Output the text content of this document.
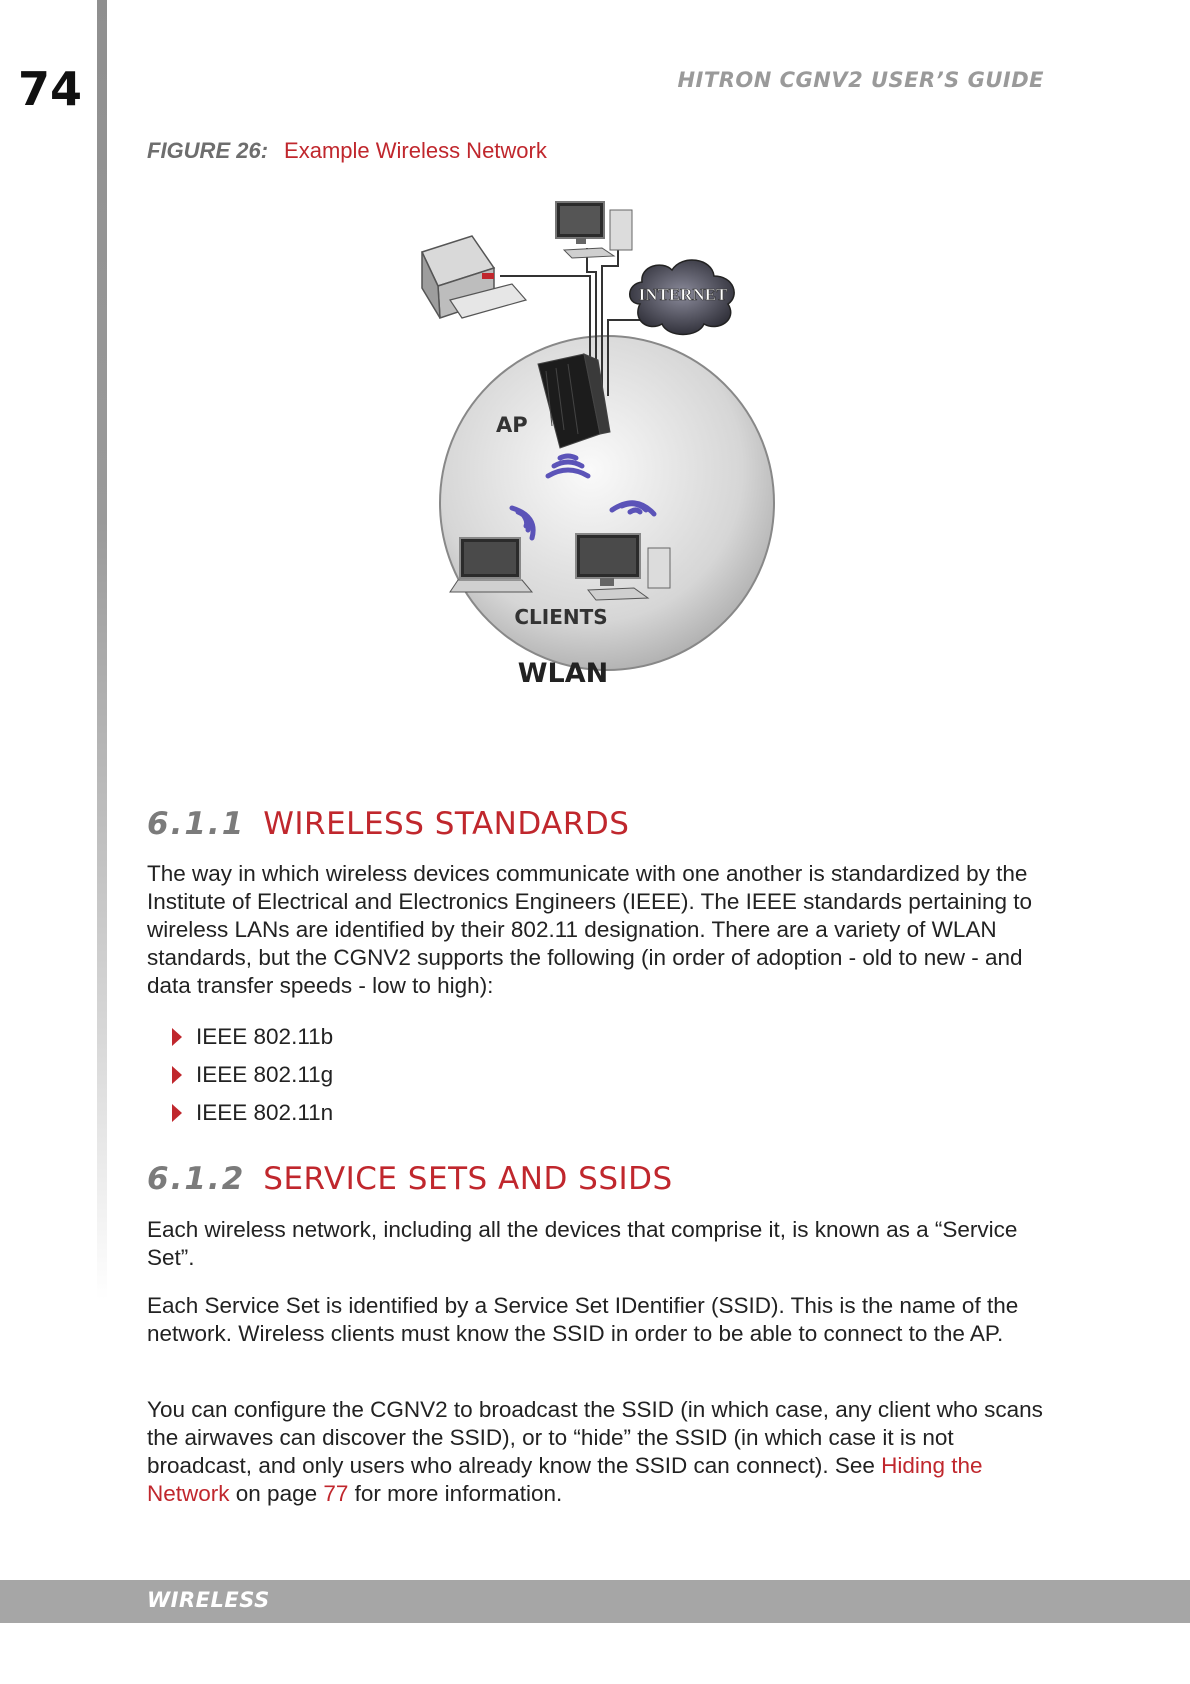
74	HITRON CGNV2 USER’S GUIDE
FIGURE 26: Example Wireless Network
INTERNET
AP
CLIENTS
WLAN
6.1.1 WIRELESS STANDARDS
The way in which wireless devices communicate with one another is standardized by the Institute of Electrical and Electronics Engineers (IEEE). The IEEE standards pertaining to wireless LANs are identified by their 802.11 designation. There are a variety of WLAN standards, but the CGNV2 supports the following (in order of adoption - old to new - and data transfer speeds - low to high):
IEEE 802.11b
IEEE 802.11g
IEEE 802.11n
6.1.2 SERVICE SETS AND SSIDS
Each wireless network, including all the devices that comprise it, is known as a “Service Set”.
Each Service Set is identified by a Service Set IDentifier (SSID). This is the name of the network. Wireless clients must know the SSID in order to be able to connect to the AP.
You can configure the CGNV2 to broadcast the SSID (in which case, any client who scans the airwaves can discover the SSID), or to “hide” the SSID (in which case it is not broadcast, and only users who already know the SSID can connect). See Hiding the Network on page 77 for more information.
WIRELESS
